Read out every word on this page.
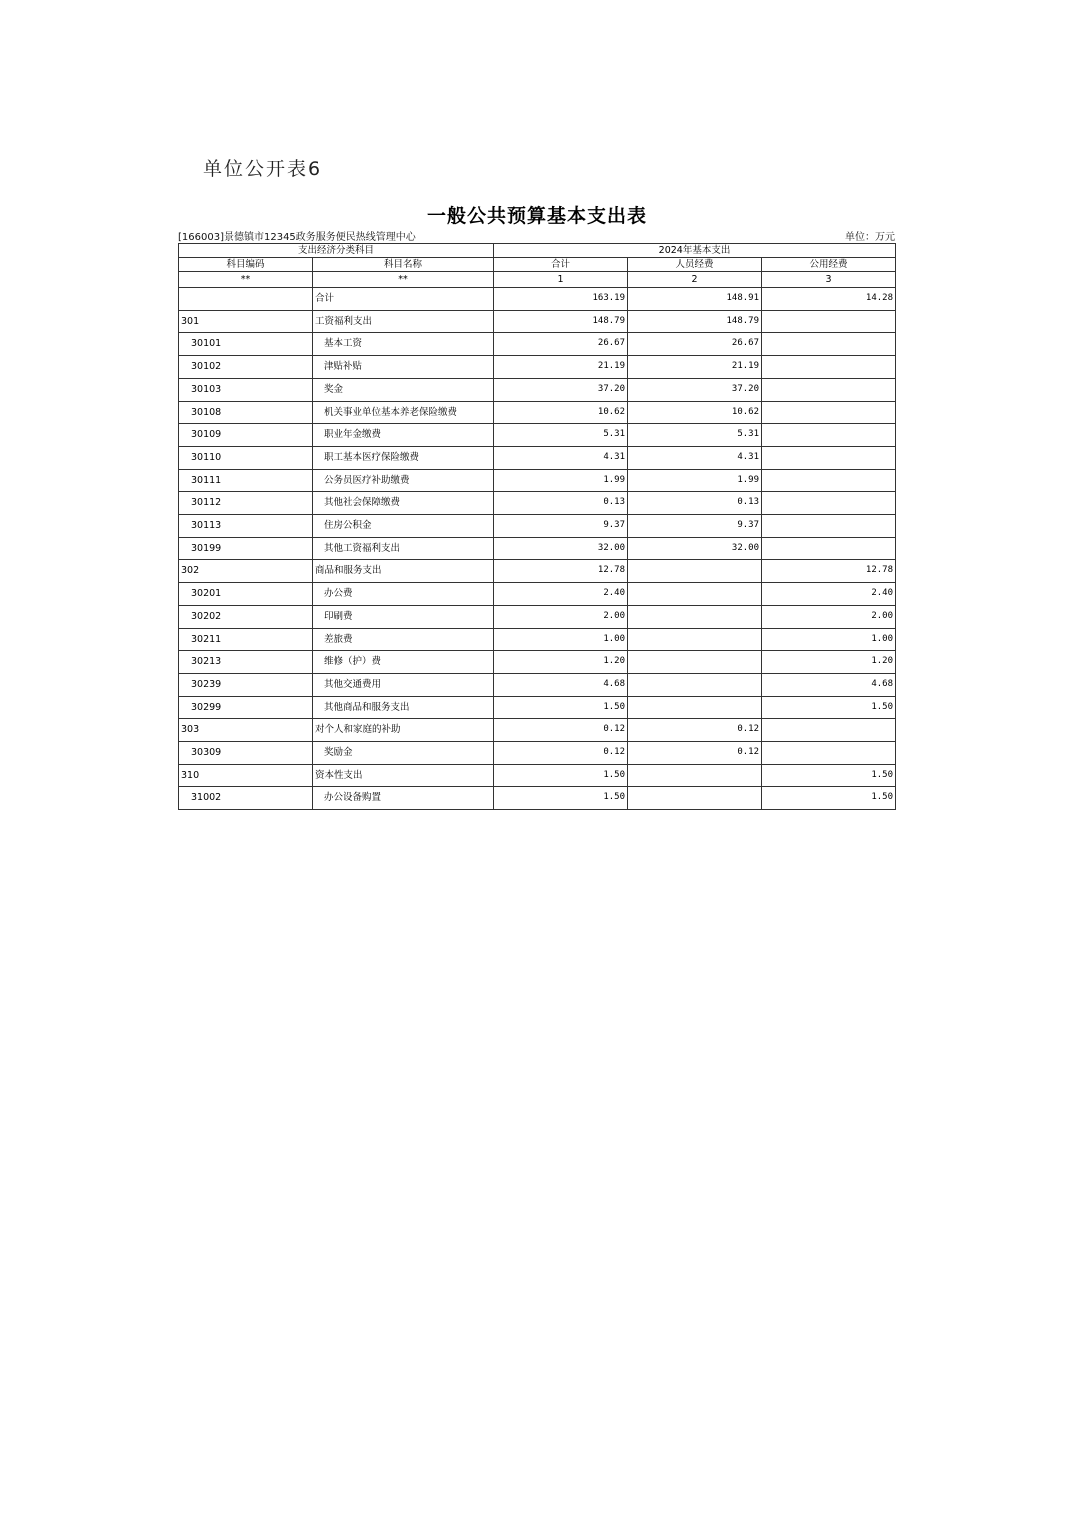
单位公开表6
一般公共预算基本支出表
[166003]景德镇市12345政务服务便民热线管理中心	单位：万元
支出经济分类科目		2024年基本支出		
科目编码	科目名称	合计	人员经费	公用经费
**	**	1	2	3
	合计	163.19	148.91	14.28
301	工资福利支出	148.79	148.79	
30101	基本工资	26.67	26.67	
30102	津贴补贴	21.19	21.19	
30103	奖金	37.20	37.20	
30108	机关事业单位基本养老保险缴费	10.62	10.62	
30109	职业年金缴费	5.31	5.31	
30110	职工基本医疗保险缴费	4.31	4.31	
30111	公务员医疗补助缴费	1.99	1.99	
30112	其他社会保障缴费	0.13	0.13	
30113	住房公积金	9.37	9.37	
30199	其他工资福利支出	32.00	32.00	
302	商品和服务支出	12.78		12.78
30201	办公费	2.40		2.40
30202	印刷费	2.00		2.00
30211	差旅费	1.00		1.00
30213	维修（护）费	1.20		1.20
30239	其他交通费用	4.68		4.68
30299	其他商品和服务支出	1.50		1.50
303	对个人和家庭的补助	0.12	0.12	
30309	奖励金	0.12	0.12	
310	资本性支出	1.50		1.50
31002	办公设备购置	1.50		1.50
